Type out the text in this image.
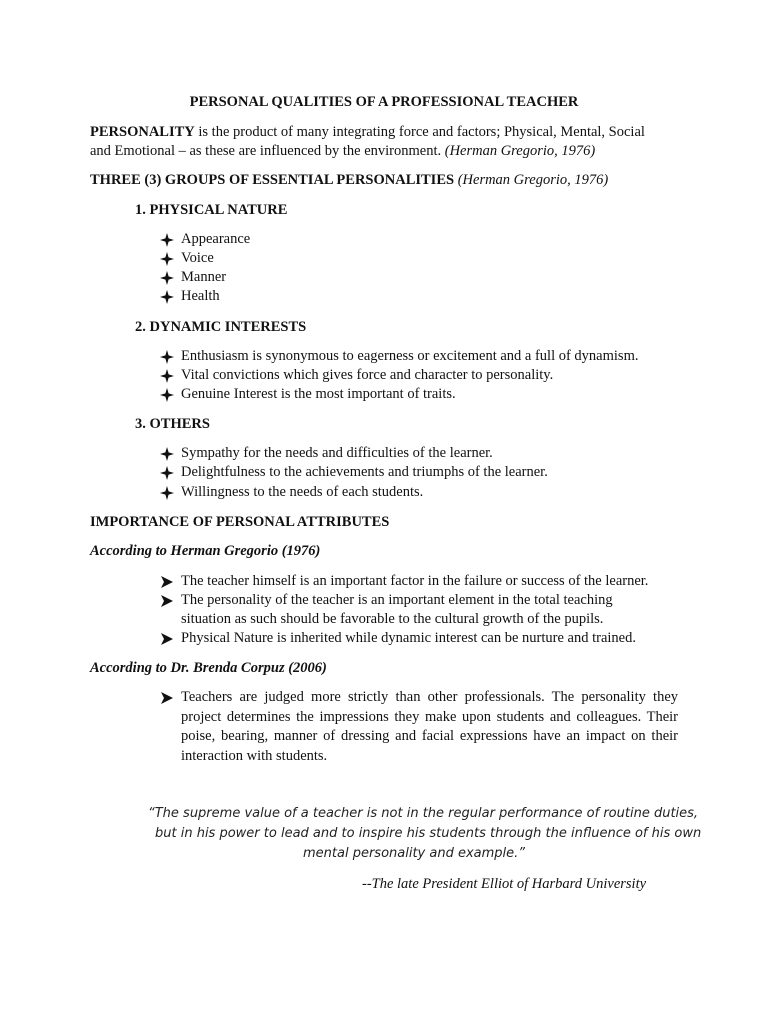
PERSONAL QUALITIES OF A PROFESSIONAL TEACHER
PERSONALITY is the product of many integrating force and factors; Physical, Mental, Social
and Emotional – as these are influenced by the environment. (Herman Gregorio, 1976)
THREE (3) GROUPS OF ESSENTIAL PERSONALITIES (Herman Gregorio, 1976)
1. PHYSICAL NATURE
Appearance
Voice
Manner
Health
2. DYNAMIC INTERESTS
Enthusiasm is synonymous to eagerness or excitement and a full of dynamism.
Vital convictions which gives force and character to personality.
Genuine Interest is the most important of traits.
3. OTHERS
Sympathy for the needs and difficulties of the learner.
Delightfulness to the achievements and triumphs of the learner.
Willingness to the needs of each students.
IMPORTANCE OF PERSONAL ATTRIBUTES
According to Herman Gregorio (1976)
The teacher himself is an important factor in the failure or success of the learner.
The personality of the teacher is an important element in the total teaching
situation as such should be favorable to the cultural growth of the pupils.
Physical Nature is inherited while dynamic interest can be nurture and trained.
According to Dr. Brenda Corpuz (2006)
Teachers are judged more strictly than other professionals. The personality they
project determines the impressions they make upon students and colleagues. Their
poise, bearing, manner of dressing and facial expressions have an impact on their
interaction with students.
“The supreme value of a teacher is not in the regular performance of routine duties,
but in his power to lead and to inspire his students through the influence of his own
mental personality and example.”
--The late President Elliot of Harbard University
